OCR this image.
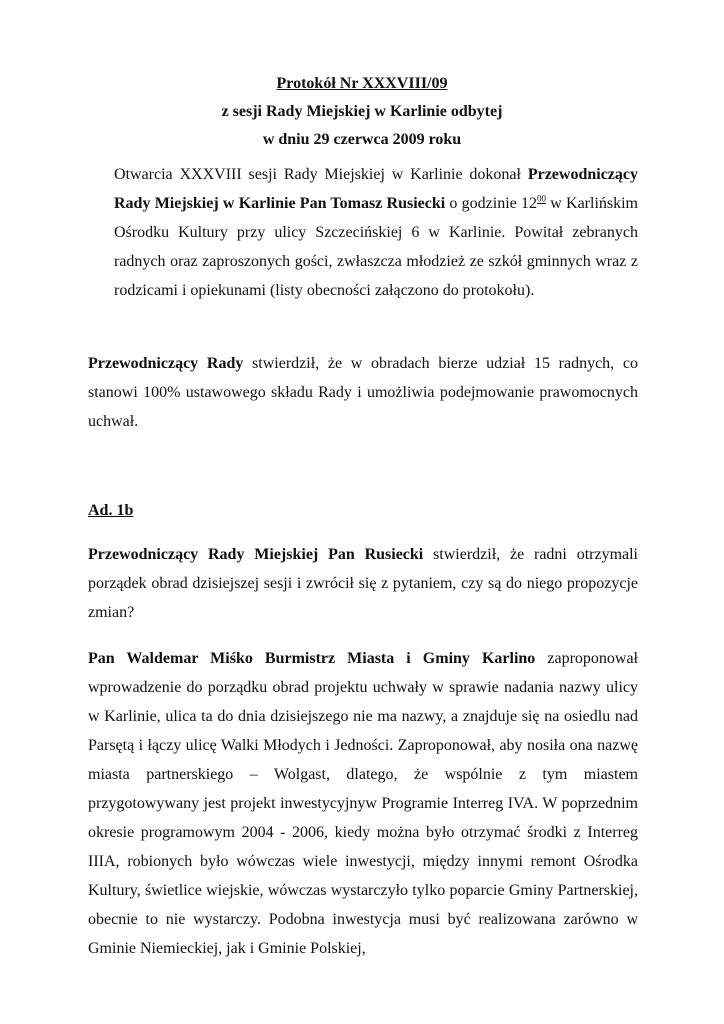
Protokół Nr XXXVIII/09
z sesji Rady Miejskiej w Karlinie odbytej
w dniu 29 czerwca 2009 roku

Otwarcia XXXVIII sesji Rady Miejskiej w Karlinie dokonał Przewodniczący Rady Miejskiej w Karlinie Pan Tomasz Rusiecki o godzinie $12^{00}$ w Karlińskim Ośrodku Kultury przy ulicy Szczecińskiej 6 w Karlinie. Powitał zebranych radnych oraz zaproszonych gości, zwłaszcza młodzież ze szkół gminnych wraz z rodzicami i opiekunami (listy obecności załączono do protokołu).

Przewodniczący Rady stwierdził, że w obradach bierze udział 15 radnych, co stanowi 100% ustawowego składu Rady i umożliwia podejmowanie prawomocnych uchwał.

Ad. 1b

Przewodniczący Rady Miejskiej Pan Rusiecki stwierdził, że radni otrzymali porządek obrad dzisiejszej sesji i zwrócił się z pytaniem, czy są do niego propozycje zmian?

Pan Waldemar Miśko Burmistrz Miasta i Gminy Karlino zaproponował wprowadzenie do porządku obrad projektu uchwały w sprawie nadania nazwy ulicy w Karlinie, ulica ta do dnia dzisiejszego nie ma nazwy, a znajduje się na osiedlu nad Parsętą i łączy ulicę Walki Młodych i Jedności. Zaproponował, aby nosiła ona nazwę miasta partnerskiego – Wolgast, dlatego, że wspólnie z tym miastem przygotowywany jest projekt inwestycyjnyw Programie Interreg IVA. W poprzednim okresie programowym 2004 - 2006, kiedy można było otrzymać środki z Interreg IIIA, robionych było wówczas wiele inwestycji, między innymi remont Ośrodka Kultury, świetlice wiejskie, wówczas wystarczyło tylko poparcie Gminy Partnerskiej, obecnie to nie wystarczy. Podobna inwestycja musi być realizowana zarówno w Gminie Niemieckiej, jak i Gminie Polskiej,
